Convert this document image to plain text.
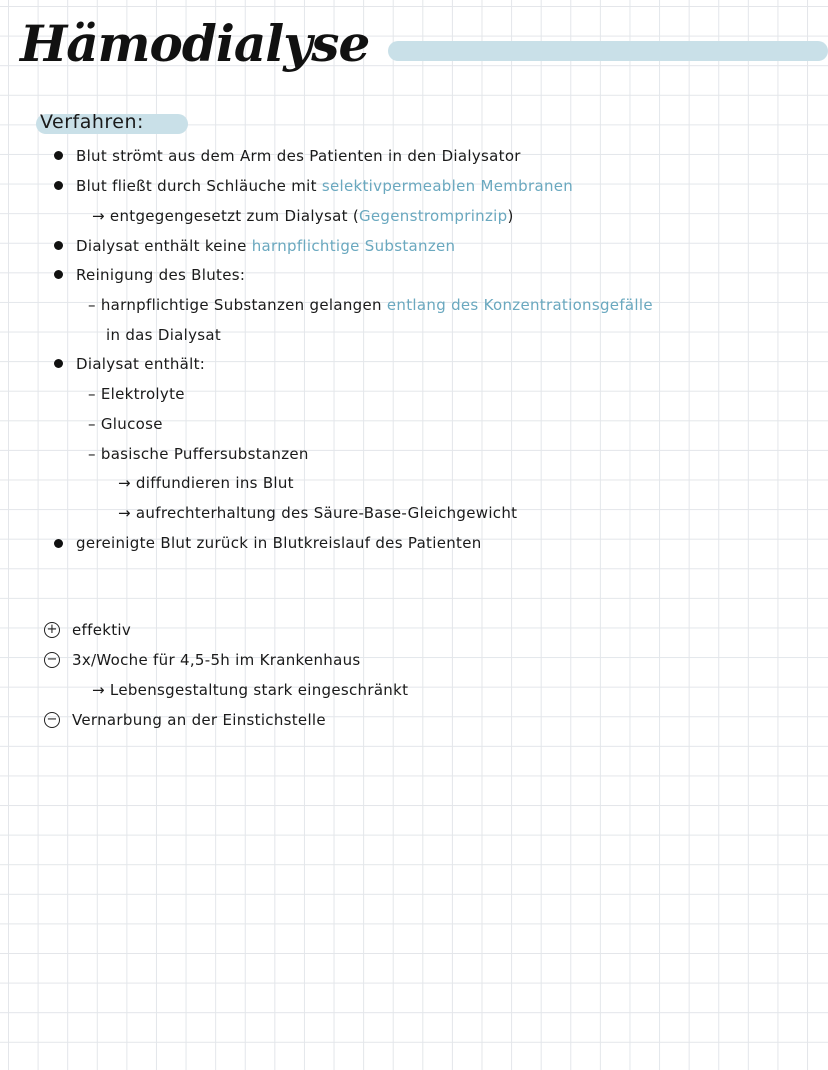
Hämodialyse
Verfahren:
Blut strömt aus dem Arm des Patienten in den Dialysator
Blut fließt durch Schläuche mit selektivpermeablen Membranen
→ entgegengesetzt zum Dialysat (Gegenstromprinzip)
Dialysat enthält keine harnpflichtige Substanzen
Reinigung des Blutes:
– harnpflichtige Substanzen gelangen entlang des Konzentrationsgefälle
in das Dialysat
Dialysat enthält:
– Elektrolyte
– Glucose
– basische Puffersubstanzen
→ diffundieren ins Blut
→ aufrechterhaltung des Säure-Base-Gleichgewicht
gereinigte Blut zurück in Blutkreislauf des Patienten
+ effektiv
− 3x/Woche für 4,5-5h im Krankenhaus
→ Lebensgestaltung stark eingeschränkt
− Vernarbung an der Einstichstelle
